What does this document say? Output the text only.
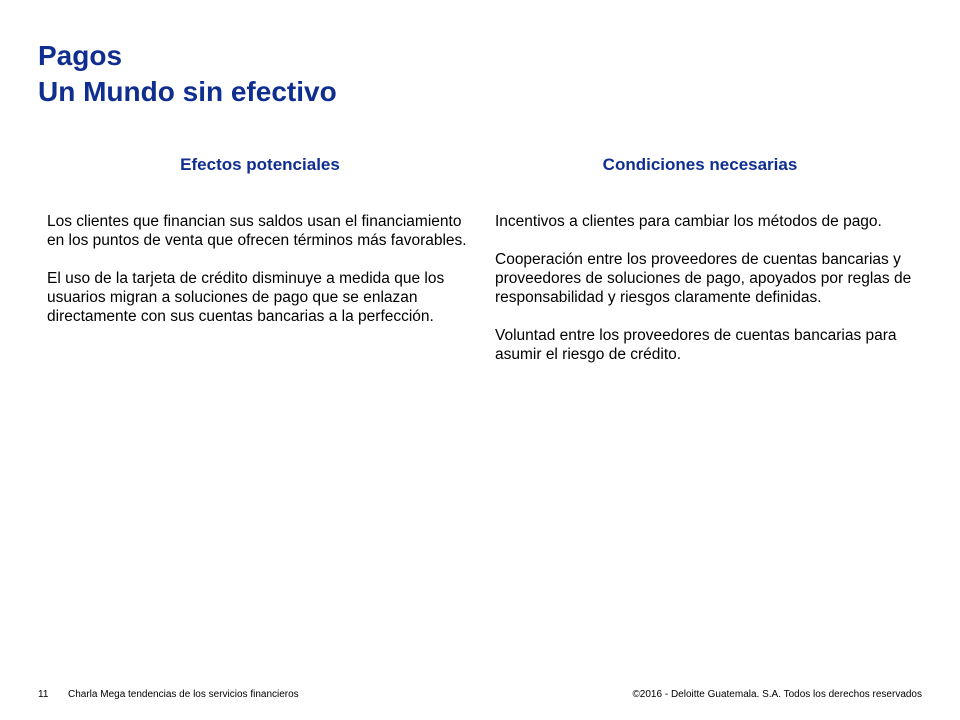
Pagos
Un Mundo sin efectivo
Efectos potenciales	Condiciones necesarias

Los clientes que financian sus saldos usan el financiamiento en los puntos de venta que ofrecen términos más favorables.

El uso de la tarjeta de crédito disminuye a medida que los usuarios migran a soluciones de pago que se enlazan directamente con sus cuentas bancarias a la perfección.

Incentivos a clientes para cambiar los métodos de pago.

Cooperación entre los proveedores de cuentas bancarias y proveedores de soluciones de pago, apoyados por reglas de responsabilidad y riesgos claramente definidas.

Voluntad entre los proveedores de cuentas bancarias para asumir el riesgo de crédito.

11 Charla Mega tendencias de los servicios financieros	©2016 - Deloitte Guatemala. S.A. Todos los derechos reservados
